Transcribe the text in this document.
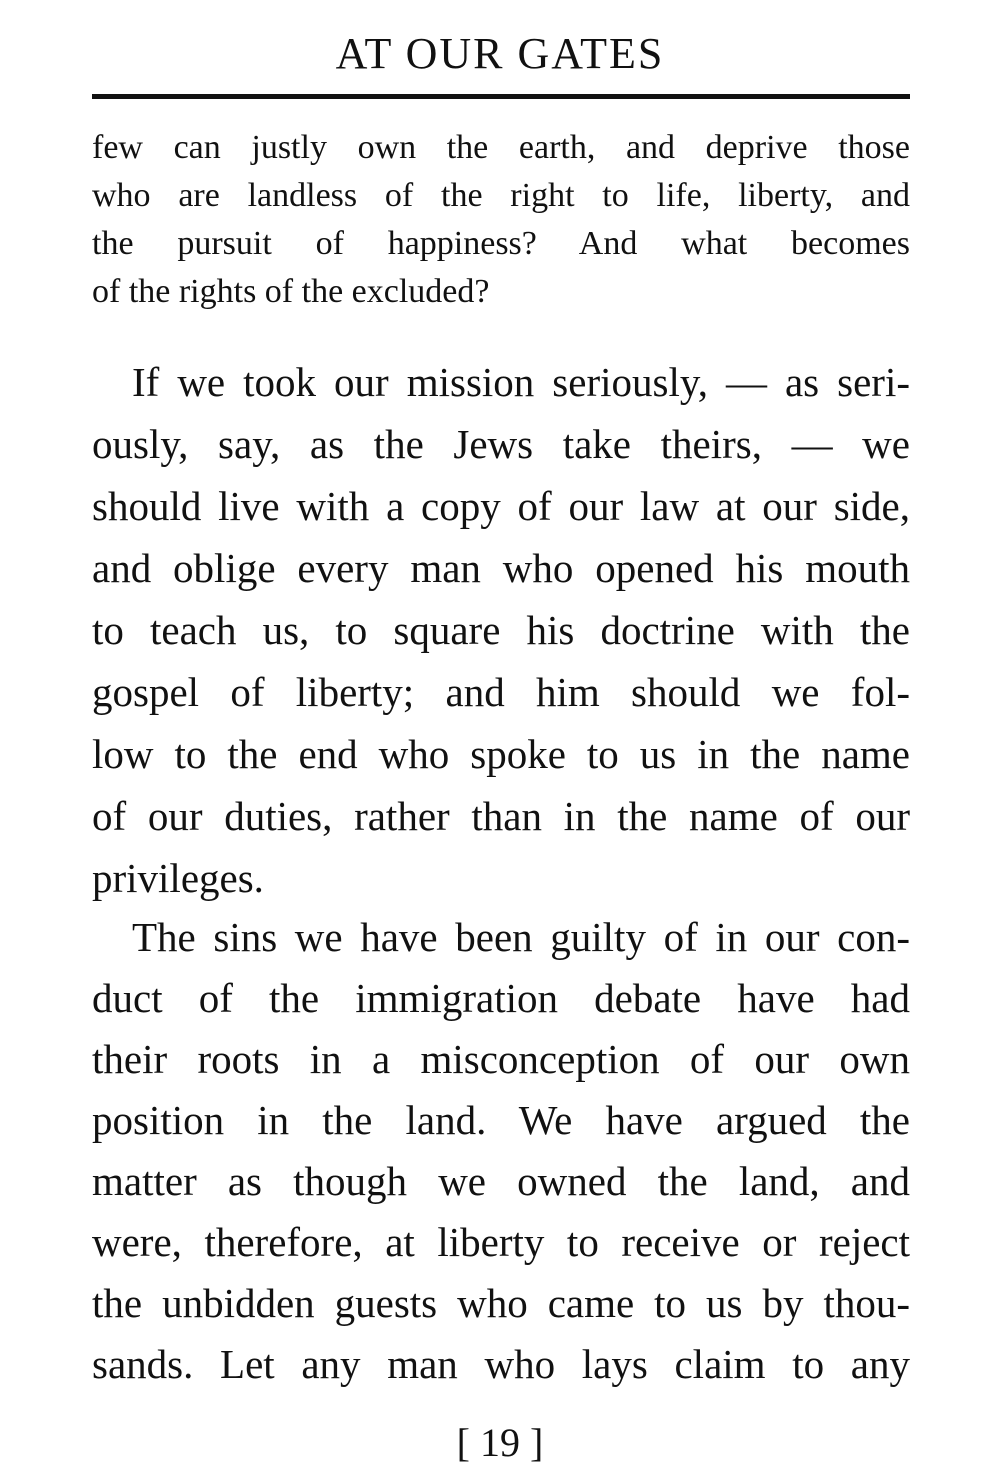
AT OUR GATES
few can justly own the earth, and deprive those
who are landless of the right to life, liberty, and
the pursuit of happiness? And what becomes
of the rights of the excluded?
If we took our mission seriously, — as seri-
ously, say, as the Jews take theirs, — we
should live with a copy of our law at our side,
and oblige every man who opened his mouth
to teach us, to square his doctrine with the
gospel of liberty; and him should we fol-
low to the end who spoke to us in the name
of our duties, rather than in the name of our
privileges.
The sins we have been guilty of in our con-
duct of the immigration debate have had
their roots in a misconception of our own
position in the land. We have argued the
matter as though we owned the land, and
were, therefore, at liberty to receive or reject
the unbidden guests who came to us by thou-
sands. Let any man who lays claim to any
[ 19 ]
